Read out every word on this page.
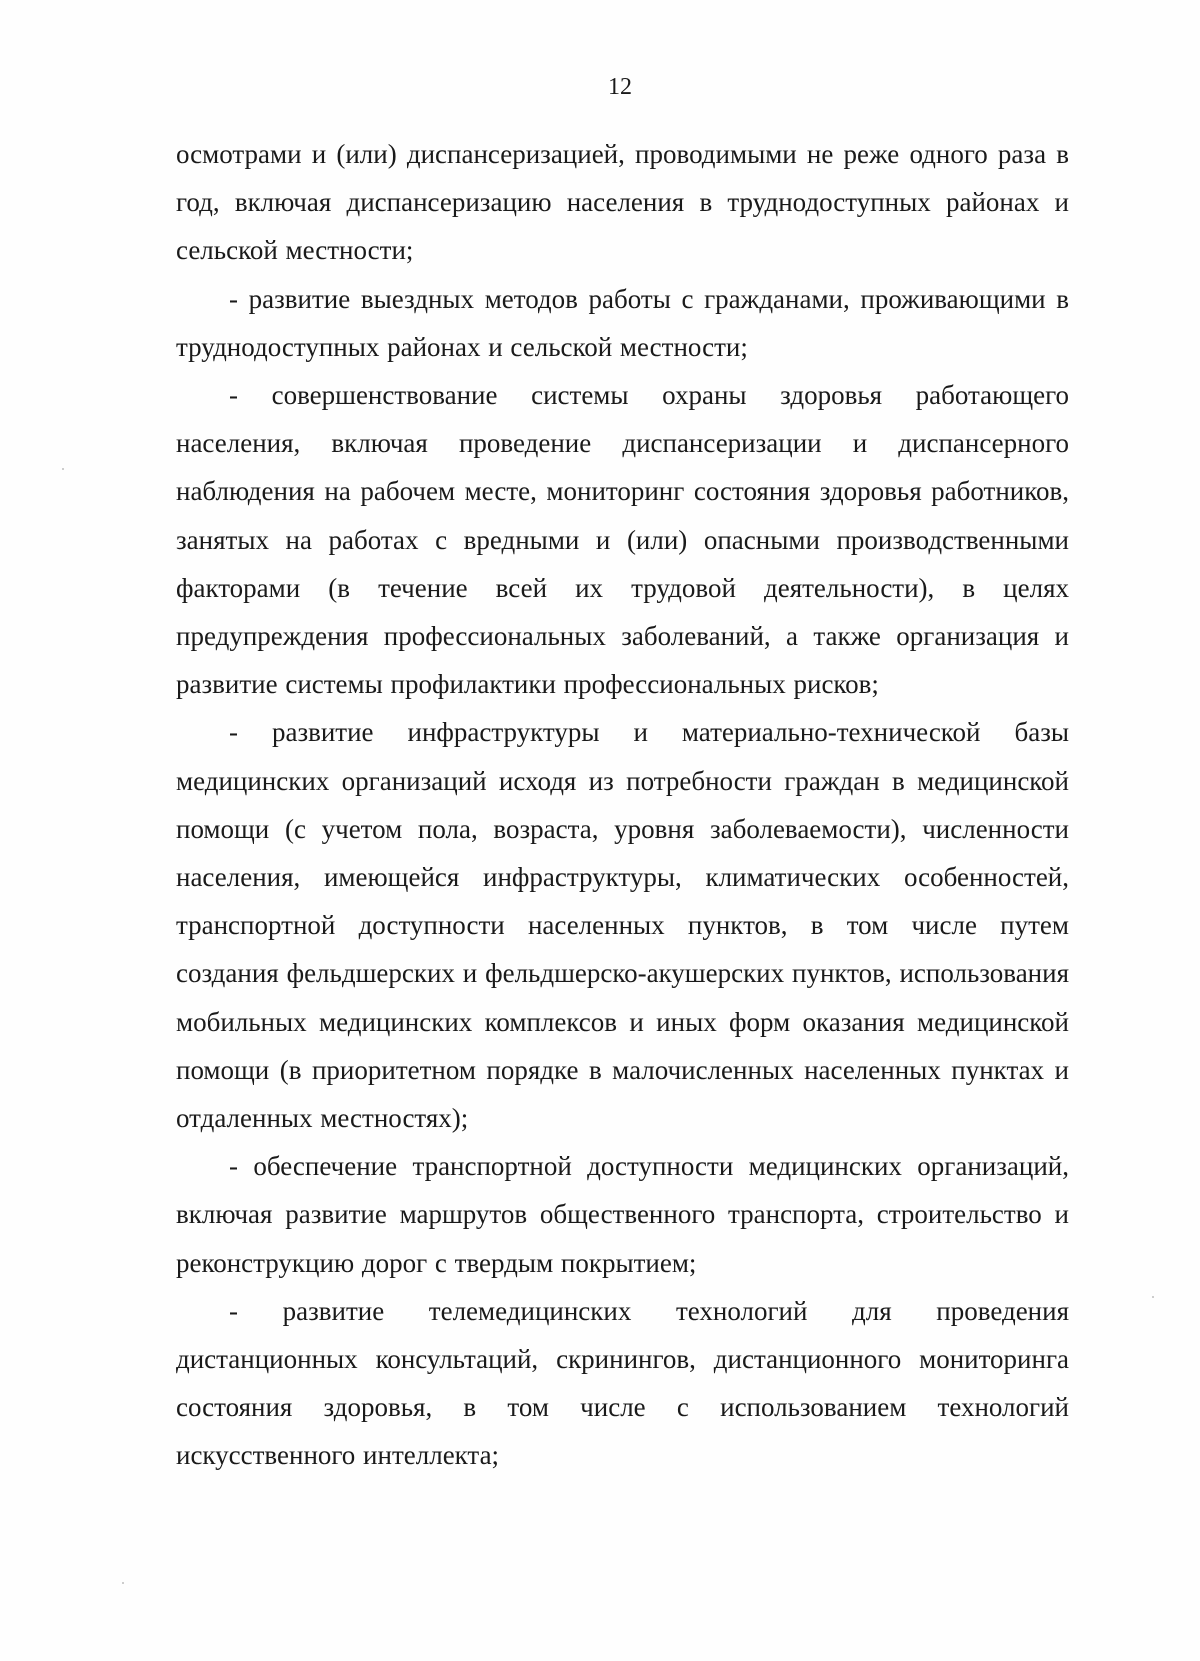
12

осмотрами и (или) диспансеризацией, проводимыми не реже одного раза в год, включая диспансеризацию населения в труднодоступных районах и сельской местности;

- развитие выездных методов работы с гражданами, проживающими в труднодоступных районах и сельской местности;

- совершенствование системы охраны здоровья работающего населения, включая проведение диспансеризации и диспансерного наблюдения на рабочем месте, мониторинг состояния здоровья работников, занятых на работах с вредными и (или) опасными производственными факторами (в течение всей их трудовой деятельности), в целях предупреждения профессиональных заболеваний, а также организация и развитие системы профилактики профессиональных рисков;

- развитие инфраструктуры и материально-технической базы медицинских организаций исходя из потребности граждан в медицинской помощи (с учетом пола, возраста, уровня заболеваемости), численности населения, имеющейся инфраструктуры, климатических особенностей, транспортной доступности населенных пунктов, в том числе путем создания фельдшерских и фельдшерско-акушерских пунктов, использования мобильных медицинских комплексов и иных форм оказания медицинской помощи (в приоритетном порядке в малочисленных населенных пунктах и отдаленных местностях);

- обеспечение транспортной доступности медицинских организаций, включая развитие маршрутов общественного транспорта, строительство и реконструкцию дорог с твердым покрытием;

- развитие телемедицинских технологий для проведения дистанционных консультаций, скринингов, дистанционного мониторинга состояния здоровья, в том числе с использованием технологий искусственного интеллекта;
